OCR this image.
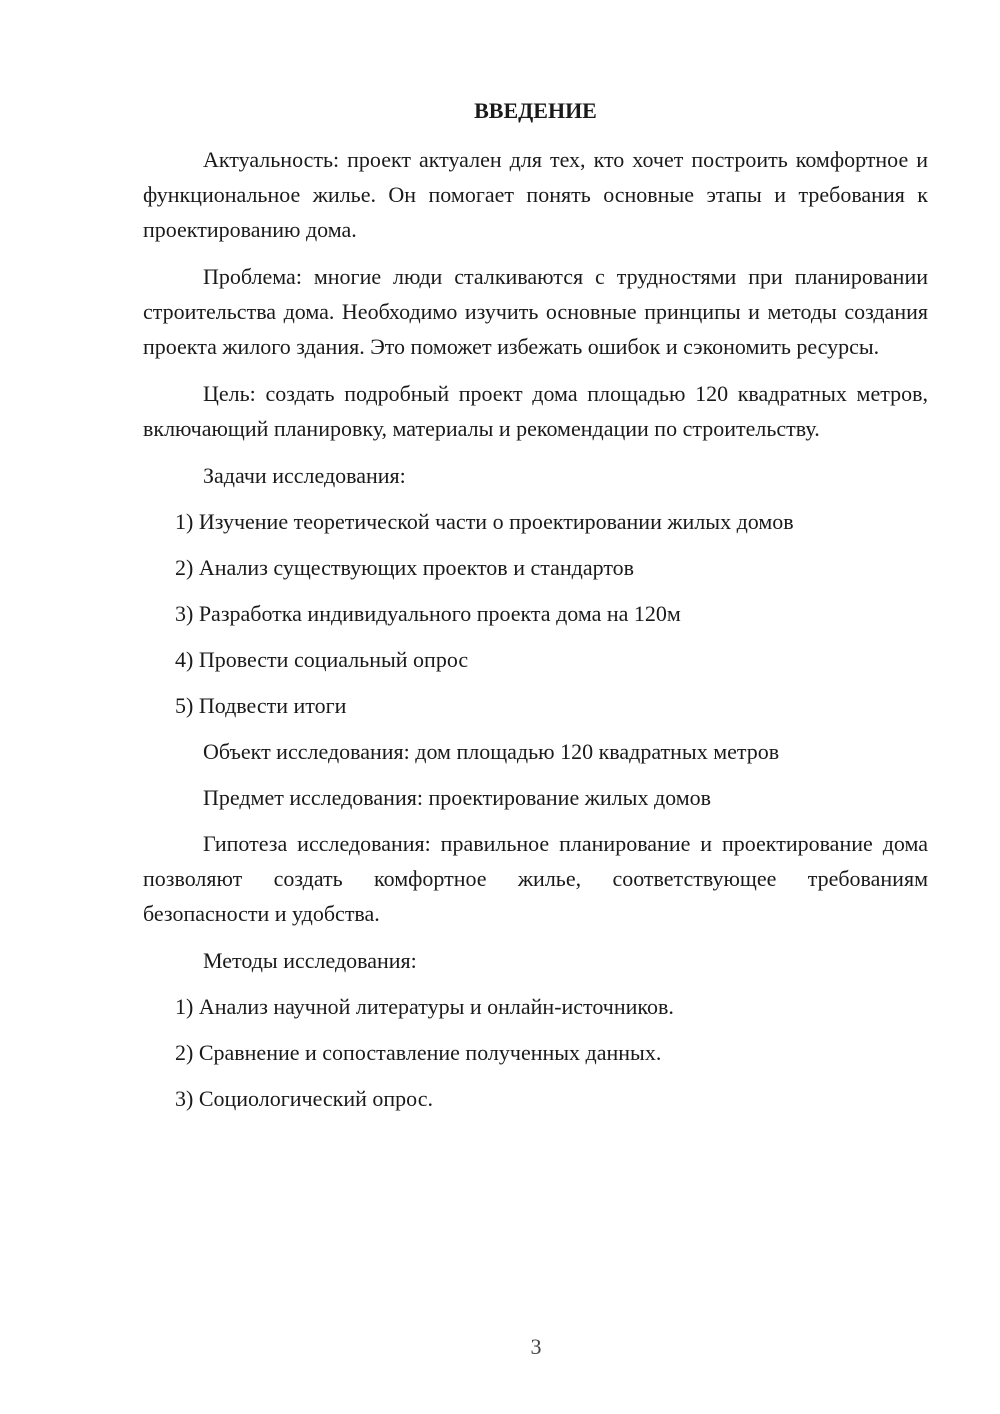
ВВЕДЕНИЕ

Актуальность: проект актуален для тех, кто хочет построить комфортное и функциональное жилье. Он помогает понять основные этапы и требования к проектированию дома.

Проблема: многие люди сталкиваются с трудностями при планировании строительства дома. Необходимо изучить основные принципы и методы создания проекта жилого здания. Это поможет избежать ошибок и сэкономить ресурсы.

Цель: создать подробный проект дома площадью 120 квадратных метров, включающий планировку, материалы и рекомендации по строительству.

Задачи исследования:

1) Изучение теоретической части о проектировании жилых домов

2) Анализ существующих проектов и стандартов

3) Разработка индивидуального проекта дома на 120м

4) Провести социальный опрос

5) Подвести итоги

Объект исследования: дом площадью 120 квадратных метров

Предмет исследования: проектирование жилых домов

Гипотеза исследования: правильное планирование и проектирование дома позволяют создать комфортное жилье, соответствующее требованиям безопасности и удобства.

Методы исследования:

1) Анализ научной литературы и онлайн-источников.

2) Сравнение и сопоставление полученных данных.

3) Социологический опрос.

3
